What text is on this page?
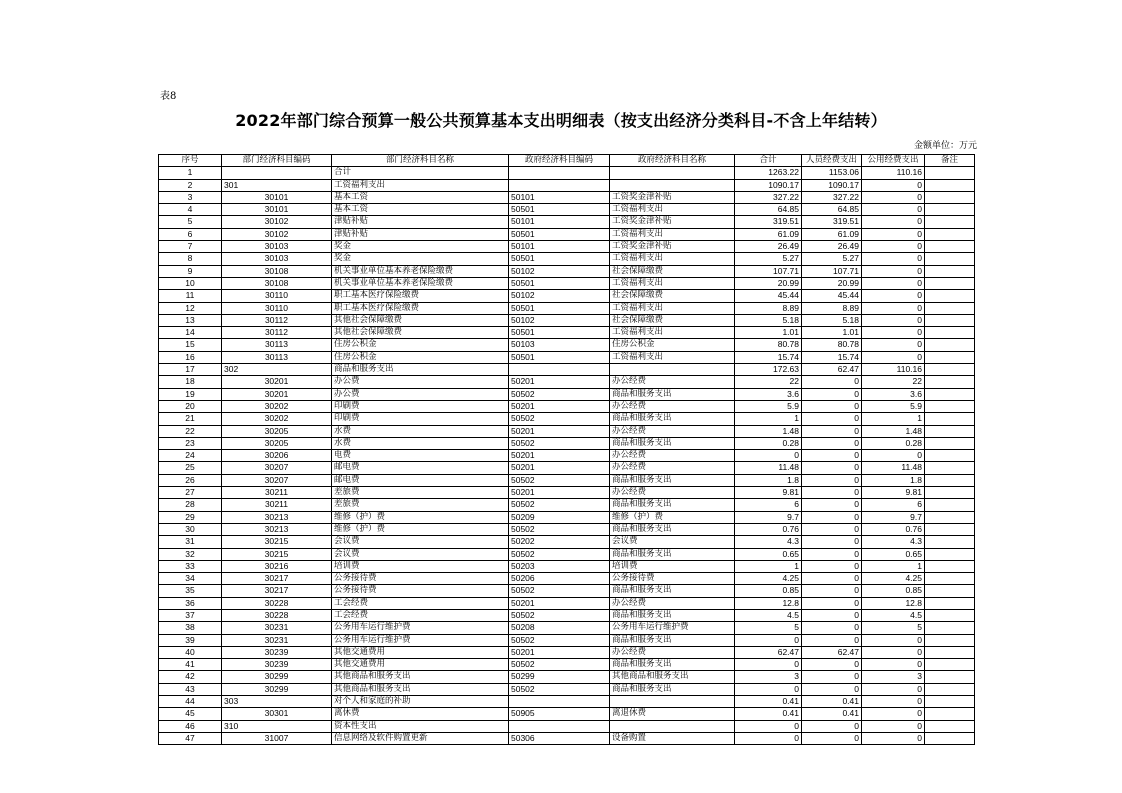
表8
2022年部门综合预算一般公共预算基本支出明细表（按支出经济分类科目-不含上年结转）
金额单位：万元
序号	部门经济科目编码	部门经济科目名称	政府经济科目编码	政府经济科目名称	合计	人员经费支出	公用经费支出	备注
1		合计			1263.22	1153.06	110.16	
2	301	工资福利支出			1090.17	1090.17	0	
3	30101	基本工资	50101	工资奖金津补贴	327.22	327.22	0	
4	30101	基本工资	50501	工资福利支出	64.85	64.85	0	
5	30102	津贴补贴	50101	工资奖金津补贴	319.51	319.51	0	
6	30102	津贴补贴	50501	工资福利支出	61.09	61.09	0	
7	30103	奖金	50101	工资奖金津补贴	26.49	26.49	0	
8	30103	奖金	50501	工资福利支出	5.27	5.27	0	
9	30108	机关事业单位基本养老保险缴费	50102	社会保障缴费	107.71	107.71	0	
10	30108	机关事业单位基本养老保险缴费	50501	工资福利支出	20.99	20.99	0	
11	30110	职工基本医疗保险缴费	50102	社会保障缴费	45.44	45.44	0	
12	30110	职工基本医疗保险缴费	50501	工资福利支出	8.89	8.89	0	
13	30112	其他社会保障缴费	50102	社会保障缴费	5.18	5.18	0	
14	30112	其他社会保障缴费	50501	工资福利支出	1.01	1.01	0	
15	30113	住房公积金	50103	住房公积金	80.78	80.78	0	
16	30113	住房公积金	50501	工资福利支出	15.74	15.74	0	
17	302	商品和服务支出			172.63	62.47	110.16	
18	30201	办公费	50201	办公经费	22	0	22	
19	30201	办公费	50502	商品和服务支出	3.6	0	3.6	
20	30202	印刷费	50201	办公经费	5.9	0	5.9	
21	30202	印刷费	50502	商品和服务支出	1	0	1	
22	30205	水费	50201	办公经费	1.48	0	1.48	
23	30205	水费	50502	商品和服务支出	0.28	0	0.28	
24	30206	电费	50201	办公经费	0	0	0	
25	30207	邮电费	50201	办公经费	11.48	0	11.48	
26	30207	邮电费	50502	商品和服务支出	1.8	0	1.8	
27	30211	差旅费	50201	办公经费	9.81	0	9.81	
28	30211	差旅费	50502	商品和服务支出	6	0	6	
29	30213	维修（护）费	50209	维修（护）费	9.7	0	9.7	
30	30213	维修（护）费	50502	商品和服务支出	0.76	0	0.76	
31	30215	会议费	50202	会议费	4.3	0	4.3	
32	30215	会议费	50502	商品和服务支出	0.65	0	0.65	
33	30216	培训费	50203	培训费	1	0	1	
34	30217	公务接待费	50206	公务接待费	4.25	0	4.25	
35	30217	公务接待费	50502	商品和服务支出	0.85	0	0.85	
36	30228	工会经费	50201	办公经费	12.8	0	12.8	
37	30228	工会经费	50502	商品和服务支出	4.5	0	4.5	
38	30231	公务用车运行维护费	50208	公务用车运行维护费	5	0	5	
39	30231	公务用车运行维护费	50502	商品和服务支出	0	0	0	
40	30239	其他交通费用	50201	办公经费	62.47	62.47	0	
41	30239	其他交通费用	50502	商品和服务支出	0	0	0	
42	30299	其他商品和服务支出	50299	其他商品和服务支出	3	0	3	
43	30299	其他商品和服务支出	50502	商品和服务支出	0	0	0	
44	303	对个人和家庭的补助			0.41	0.41	0	
45	30301	离休费	50905	离退休费	0.41	0.41	0	
46	310	资本性支出			0	0	0	
47	31007	信息网络及软件购置更新	50306	设备购置	0	0	0	
